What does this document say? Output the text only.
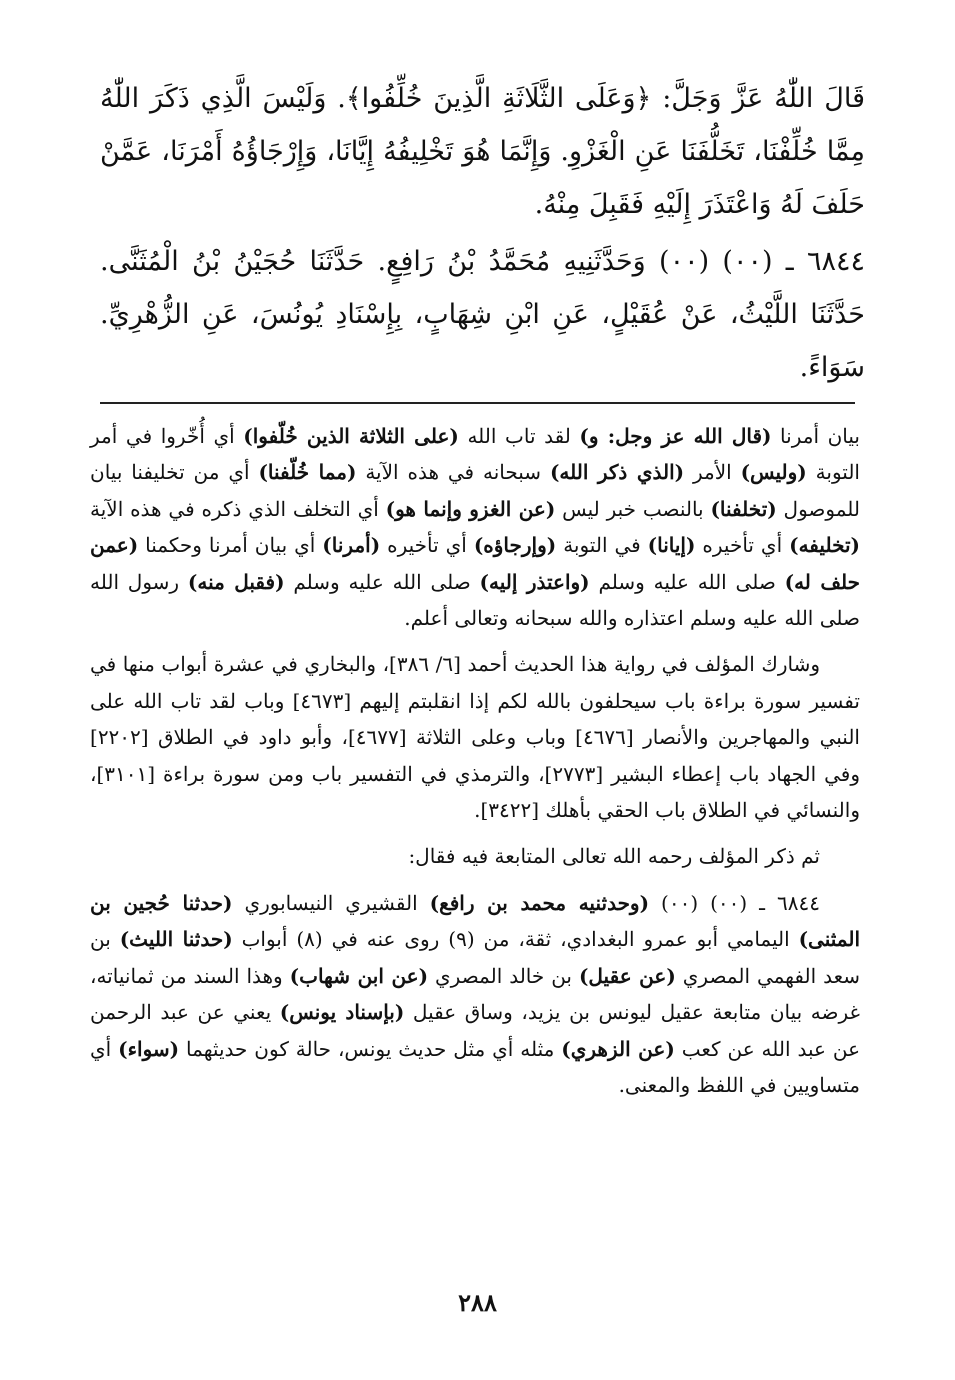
قَالَ اللّٰهُ عَزَّ وَجَلَّ: ﴿وَعَلَى الثَّلَاثَةِ الَّذِينَ خُلِّفُوا﴾. وَلَيْسَ الَّذِي ذَكَرَ اللّٰهُ مِمَّا خُلِّفْنَا، تَخَلُّفَنَا عَنِ الْغَزْوِ. وَإِنَّمَا هُوَ تَخْلِيفُهُ إِيَّانَا، وَإِرْجَاؤُهُ أَمْرَنَا، عَمَّنْ حَلَفَ لَهُ وَاعْتَذَرَ إِلَيْهِ فَقَبِلَ مِنْهُ.

٦٨٤٤ ـ (٠٠) (٠٠) وَحَدَّثَنِيهِ مُحَمَّدُ بْنُ رَافِعٍ. حَدَّثَنَا حُجَيْنُ بْنُ الْمُثَنَّى. حَدَّثَنَا اللَّيْثُ، عَنْ عُقَيْلٍ، عَنِ ابْنِ شِهَابٍ، بِإِسْنَادِ يُونُسَ، عَنِ الزُّهْرِيِّ. سَوَاءً.

بيان أمرنا (قال الله عز وجل: و) لقد تاب الله (على الثلاثة الذين خُلّفوا) أي أُخّروا في أمر التوبة (وليس) الأمر (الذي ذكر الله) سبحانه في هذه الآية (مما خُلّفنا) أي من تخليفنا بيان للموصول (تخلفنا) بالنصب خبر ليس (عن الغزو وإنما هو) أي التخلف الذي ذكره في هذه الآية (تخليفه) أي تأخيره (إيانا) في التوبة (وإرجاؤه) أي تأخيره (أمرنا) أي بيان أمرنا وحكمنا (عمن حلف له) صلى الله عليه وسلم (واعتذر إليه) صلى الله عليه وسلم (فقبل منه) رسول الله صلى الله عليه وسلم اعتذاره والله سبحانه وتعالى أعلم.

وشارك المؤلف في رواية هذا الحديث أحمد [٦/ ٣٨٦]، والبخاري في عشرة أبواب منها في تفسير سورة براءة باب سيحلفون بالله لكم إذا انقلبتم إليهم [٤٦٧٣] وباب لقد تاب الله على النبي والمهاجرين والأنصار [٤٦٧٦] وباب وعلى الثلاثة [٤٦٧٧]، وأبو داود في الطلاق [٢٢٠٢] وفي الجهاد باب إعطاء البشير [٢٧٧٣]، والترمذي في التفسير باب ومن سورة براءة [٣١٠١]، والنسائي في الطلاق باب الحقي بأهلك [٣٤٢٢].

ثم ذكر المؤلف رحمه الله تعالى المتابعة فيه فقال:

٦٨٤٤ ـ (٠٠) (٠٠) (وحدثنيه محمد بن رافع) القشيري النيسابوري (حدثنا حُجين بن المثنى) اليمامي أبو عمرو البغدادي، ثقة، من (٩) روى عنه في (٨) أبواب (حدثنا الليث) بن سعد الفهمي المصري (عن عقيل) بن خالد المصري (عن ابن شهاب) وهذا السند من ثمانياته، غرضه بيان متابعة عقيل ليونس بن يزيد، وساق عقيل (بإسناد يونس) يعني عن عبد الرحمن عن عبد الله عن كعب (عن الزهري) مثله أي مثل حديث يونس، حالة كون حديثهما (سواء) أي متساويين في اللفظ والمعنى.

٢٨٨
